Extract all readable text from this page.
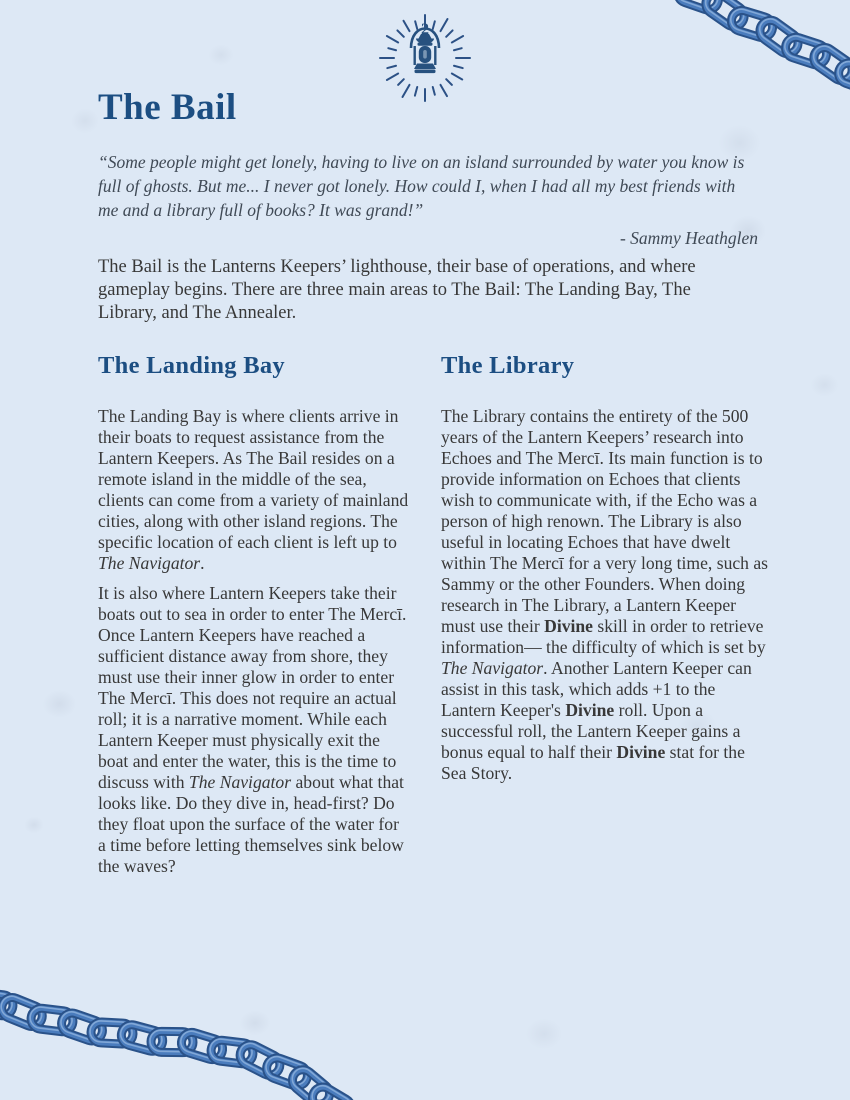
2
The Bail

“Some people might get lonely, having to live on an island surrounded by water you know is full of ghosts. But me... I never got lonely. How could I, when I had all my best friends with me and a library full of books? It was grand!”

- Sammy Heathglen

The Bail is the Lanterns Keepers’ lighthouse, their base of operations, and where gameplay begins. There are three main areas to The Bail: The Landing Bay, The Library, and The Annealer.

The Landing Bay

The Landing Bay is where clients arrive in their boats to request assistance from the Lantern Keepers. As The Bail resides on a remote island in the middle of the sea, clients can come from a variety of mainland cities, along with other island regions. The specific location of each client is left up to The Navigator.

It is also where Lantern Keepers take their boats out to sea in order to enter The Mercī. Once Lantern Keepers have reached a sufficient distance away from shore, they must use their inner glow in order to enter The Mercī. This does not require an actual roll; it is a narrative moment. While each Lantern Keeper must physically exit the boat and enter the water, this is the time to discuss with The Navigator about what that looks like. Do they dive in, head-first? Do they float upon the surface of the water for a time before letting themselves sink below the waves?

The Library

The Library contains the entirety of the 500 years of the Lantern Keepers’ research into Echoes and The Mercī. Its main function is to provide information on Echoes that clients wish to communicate with, if the Echo was a person of high renown. The Library is also useful in locating Echoes that have dwelt within The Mercī for a very long time, such as Sammy or the other Founders. When doing research in The Library, a Lantern Keeper must use their Divine skill in order to retrieve information— the difficulty of which is set by The Navigator. Another Lantern Keeper can assist in this task, which adds +1 to the Lantern Keeper's Divine roll. Upon a successful roll, the Lantern Keeper gains a bonus equal to half their Divine stat for the Sea Story.
